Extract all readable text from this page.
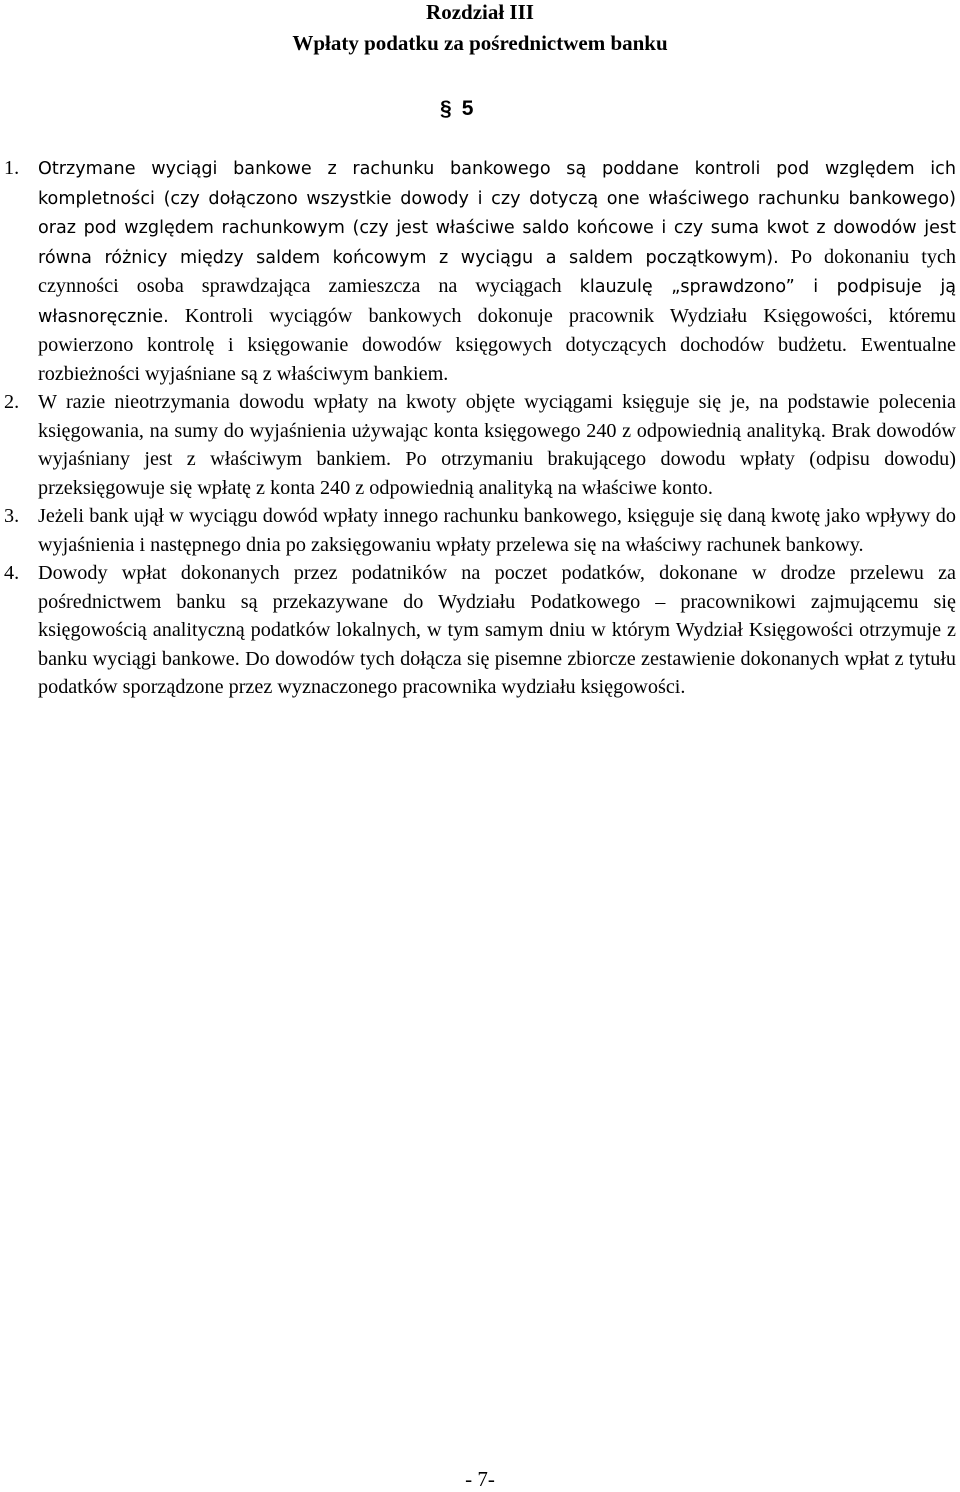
Rozdział III
Wpłaty podatku za pośrednictwem banku
§ 5
1. Otrzymane wyciągi bankowe z rachunku bankowego są poddane kontroli pod względem ich kompletności (czy dołączono wszystkie dowody i czy dotyczą one właściwego rachunku bankowego) oraz pod względem rachunkowym (czy jest właściwe saldo końcowe i czy suma kwot z dowodów jest równa różnicy między saldem końcowym z wyciągu a saldem początkowym). Po dokonaniu tych czynności osoba sprawdzająca zamieszcza na wyciągach klauzulę „sprawdzono” i podpisuje ją własnoręcznie. Kontroli wyciągów bankowych dokonuje pracownik Wydziału Księgowości, któremu powierzono kontrolę i księgowanie dowodów księgowych dotyczących dochodów budżetu. Ewentualne rozbieżności wyjaśniane są z właściwym bankiem.
2. W razie nieotrzymania dowodu wpłaty na kwoty objęte wyciągami księguje się je, na podstawie polecenia księgowania, na sumy do wyjaśnienia używając konta księgowego 240 z odpowiednią analityką. Brak dowodów wyjaśniany jest z właściwym bankiem. Po otrzymaniu brakującego dowodu wpłaty (odpisu dowodu) przeksięgowuje się wpłatę z konta 240 z odpowiednią analityką na właściwe konto.
3. Jeżeli bank ujął w wyciągu dowód wpłaty innego rachunku bankowego, księguje się daną kwotę jako wpływy do wyjaśnienia i następnego dnia po zaksięgowaniu wpłaty przelewa się na właściwy rachunek bankowy.
4. Dowody wpłat dokonanych przez podatników na poczet podatków, dokonane w drodze przelewu za pośrednictwem banku są przekazywane do Wydziału Podatkowego – pracownikowi zajmującemu się księgowością analityczną podatków lokalnych, w tym samym dniu w którym Wydział Księgowości otrzymuje z banku wyciągi bankowe. Do dowodów tych dołącza się pisemne zbiorcze zestawienie dokonanych wpłat z tytułu podatków sporządzone przez wyznaczonego pracownika wydziału księgowości.
- 7-
